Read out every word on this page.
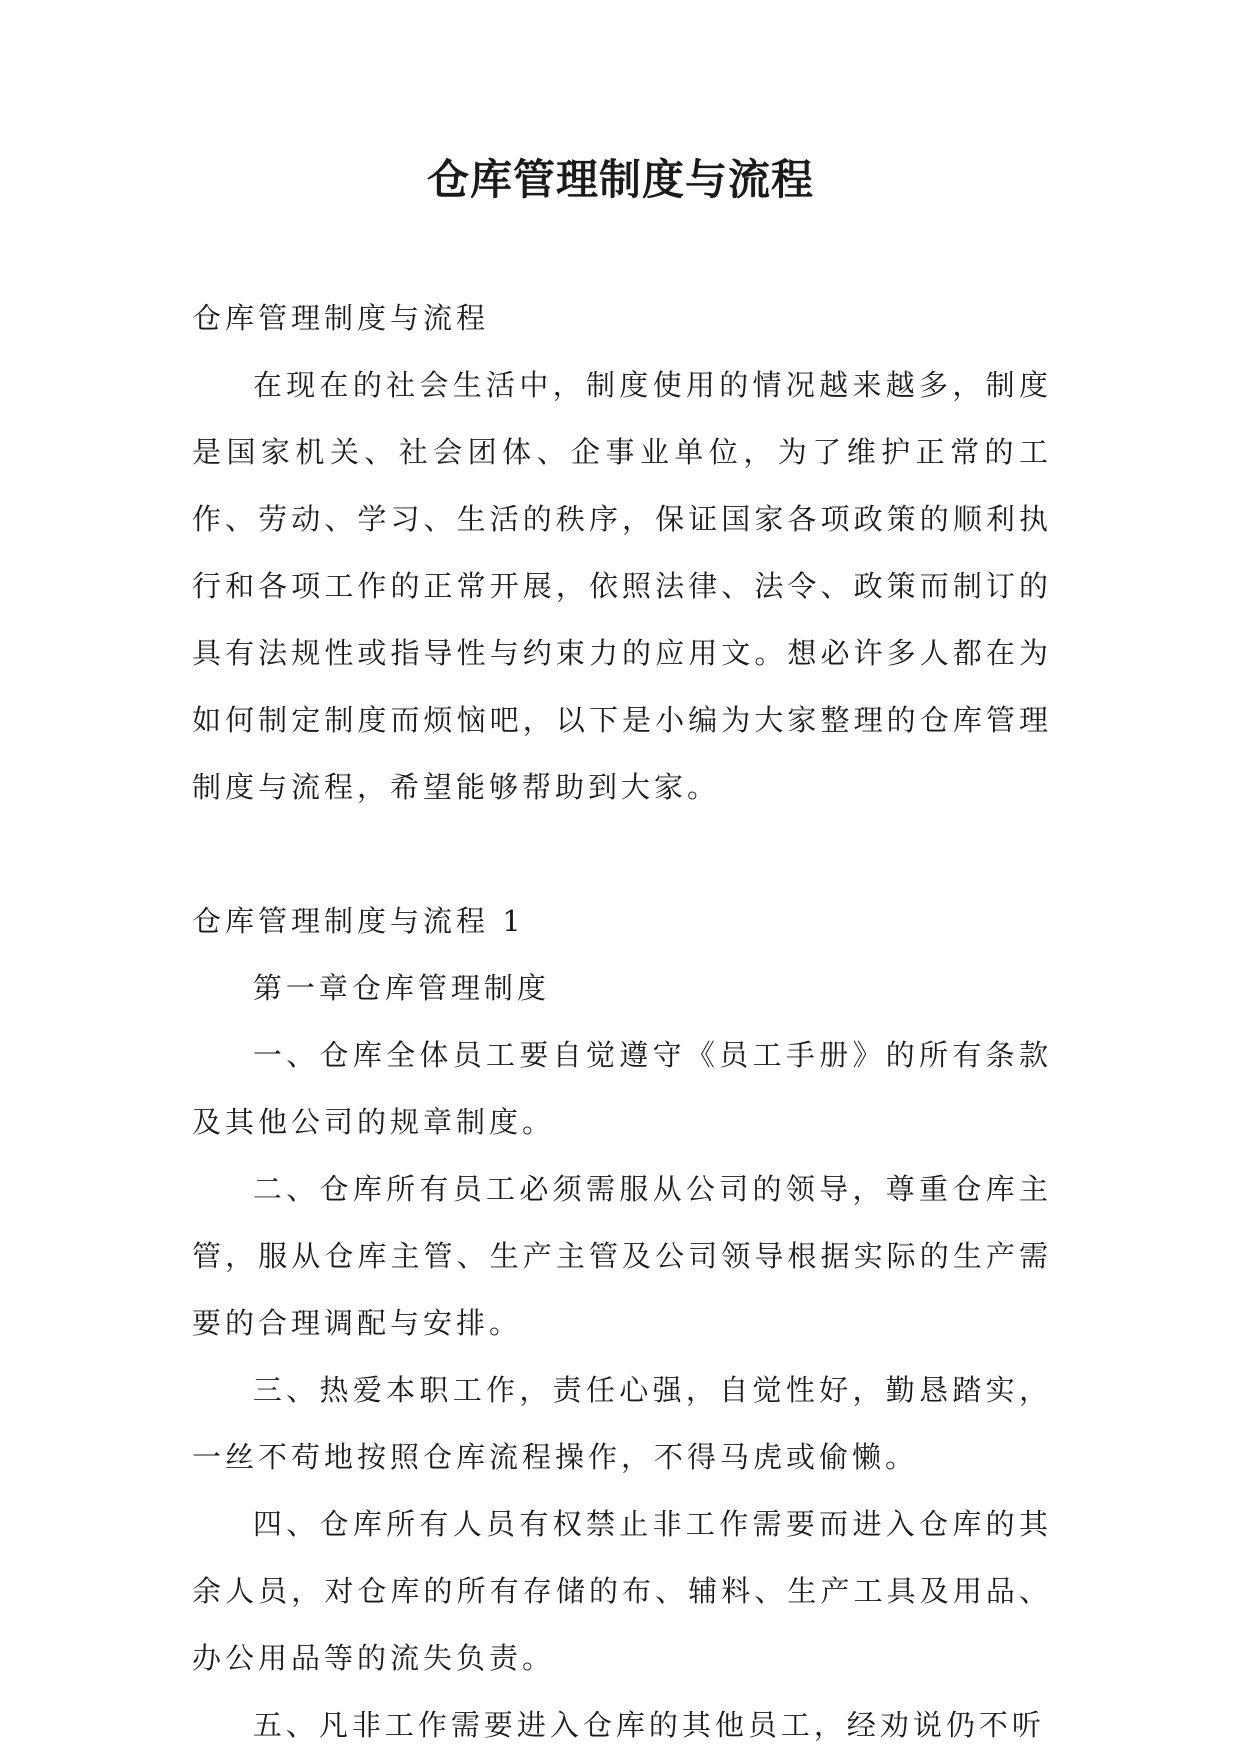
仓库管理制度与流程

仓库管理制度与流程

在现在的社会生活中，制度使用的情况越来越多，制度是国家机关、社会团体、企事业单位，为了维护正常的工作、劳动、学习、生活的秩序，保证国家各项政策的顺利执行和各项工作的正常开展，依照法律、法令、政策而制订的具有法规性或指导性与约束力的应用文。想必许多人都在为如何制定制度而烦恼吧，以下是小编为大家整理的仓库管理制度与流程，希望能够帮助到大家。

仓库管理制度与流程 1

第一章仓库管理制度

一、仓库全体员工要自觉遵守《员工手册》的所有条款及其他公司的规章制度。

二、仓库所有员工必须需服从公司的领导，尊重仓库主管，服从仓库主管、生产主管及公司领导根据实际的生产需要的合理调配与安排。

三、热爱本职工作，责任心强，自觉性好，勤恳踏实，一丝不苟地按照仓库流程操作，不得马虎或偷懒。

四、仓库所有人员有权禁止非工作需要而进入仓库的其余人员，对仓库的所有存储的布、辅料、生产工具及用品、办公用品等的流失负责。

五、凡非工作需要进入仓库的其他员工，经劝说仍不听
